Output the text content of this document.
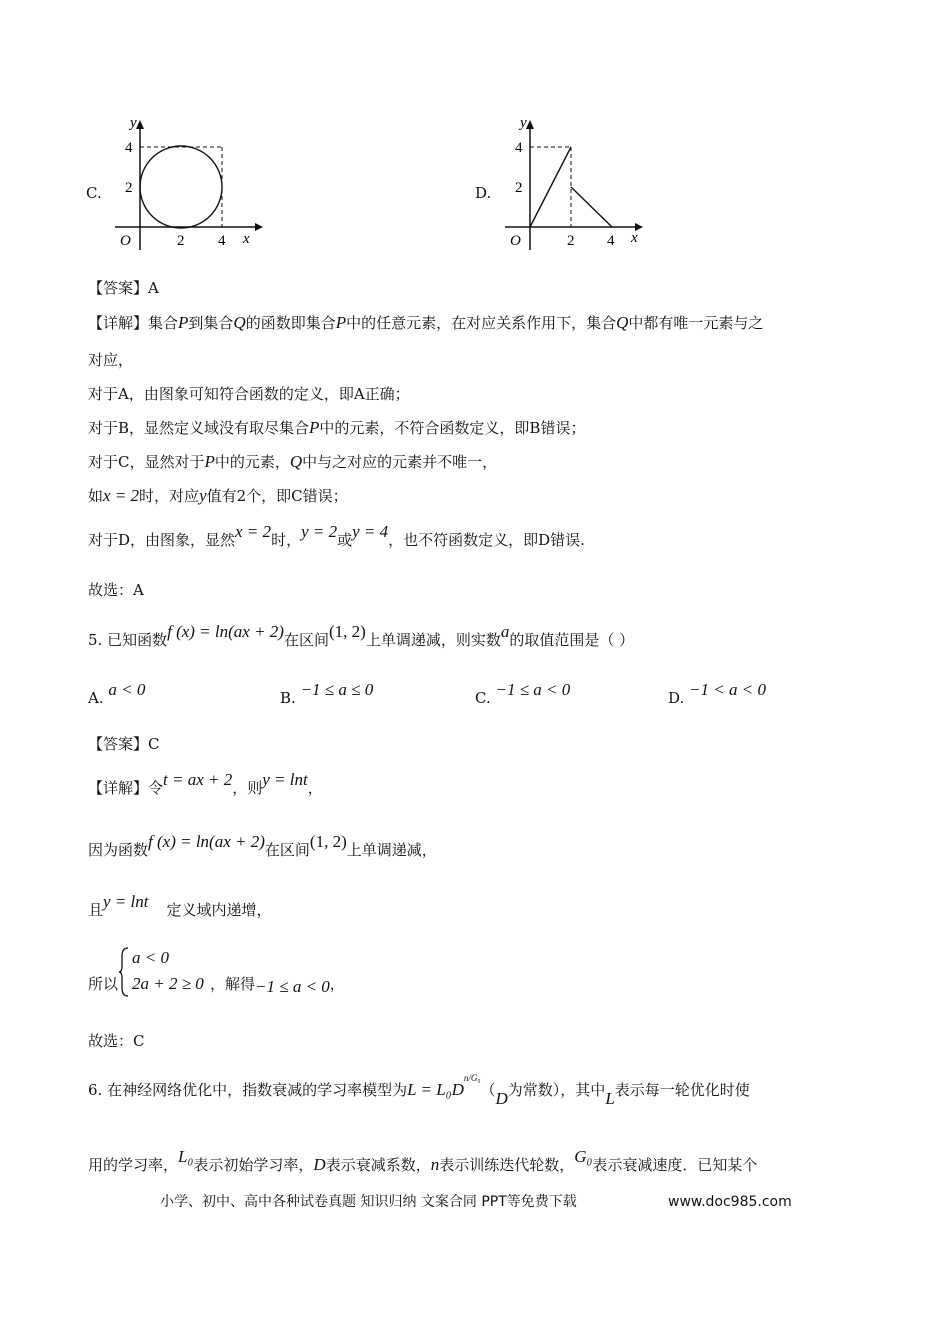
C.
y
x
O
2
4
2 4
D.
y
x
O
2
4
2 4
【答案】A
【详解】集合P到集合Q的函数即集合P中的任意元素，在对应关系作用下，集合Q中都有唯一元素与之
对应，
对于A，由图象可知符合函数的定义，即A正确；
对于B，显然定义域没有取尽集合P中的元素，不符合函数定义，即B错误；
对于C，显然对于P中的元素，Q中与之对应的元素并不唯一，
如x = 2时，对应y值有2个，即C错误；
对于D，由图象，显然x = 2时，y = 2或y = 4，也不符函数定义，即D错误.
故选：A
5. 已知函数f (x) = ln(ax + 2)在区间(1, 2)上单调递减，则实数a的取值范围是（ ）
A. a < 0	B. −1 ≤ a ≤ 0	C. −1 ≤ a < 0	D. −1 < a < 0
【答案】C
【详解】令t = ax + 2，则y = lnt，
因为函数f (x) = ln(ax + 2)在区间(1, 2)上单调递减，
且y = lnt 定义域内递增，
所以
a < 0
2a + 2 ≥ 0 ，解得−1 ≤ a < 0，
故选：C
6. 在神经网络优化中，指数衰减的学习率模型为$L = L_0D^{n/G_0}(D$为常数），其中L表示每一轮优化时使
用的学习率，L₀表示初始学习率，D表示衰减系数，n表示训练迭代轮数，G₀表示衰减速度．已知某个
小学、初中、高中各种试卷真题 知识归纳 文案合同 PPT等免费下载	www.doc985.com
